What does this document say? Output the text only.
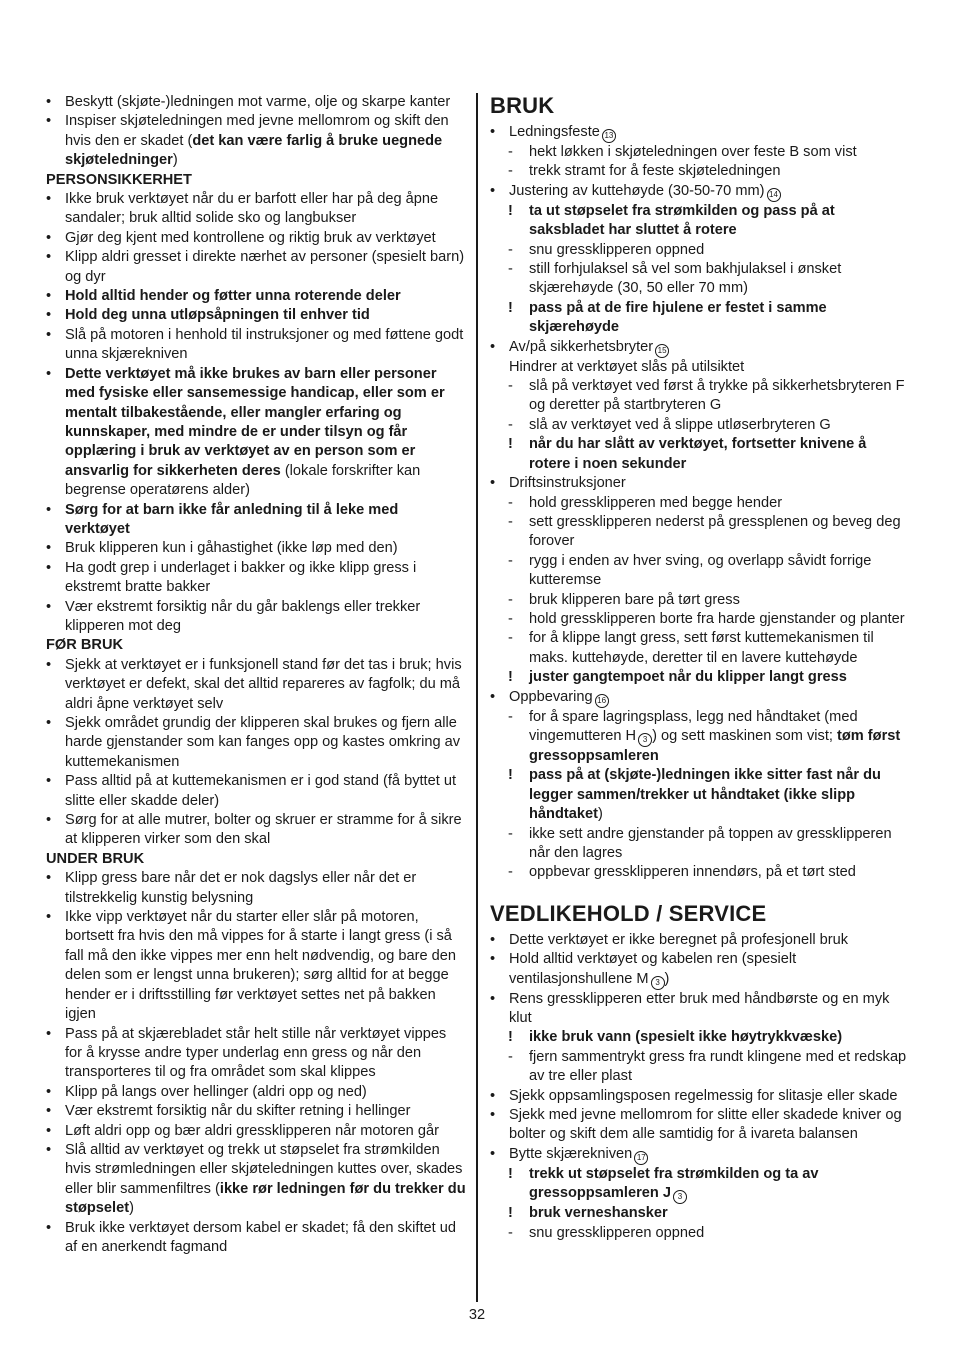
• Beskytt (skjøte-)ledningen mot varme, olje og skarpe kanter
• Inspiser skjøteledningen med jevne mellomrom og skift den hvis den er skadet (det kan være farlig å bruke uegnede skjøteledninger)
PERSONSIKKERHET
• Ikke bruk verktøyet når du er barfott eller har på deg åpne sandaler; bruk alltid solide sko og langbukser
• Gjør deg kjent med kontrollene og riktig bruk av verktøyet
• Klipp aldri gresset i direkte nærhet av personer (spesielt barn) og dyr
• Hold alltid hender og føtter unna roterende deler
• Hold deg unna utløpsåpningen til enhver tid
• Slå på motoren i henhold til instruksjoner og med føttene godt unna skjærekniven
• Dette verktøyet må ikke brukes av barn eller personer med fysiske eller sansemessige handicap, eller som er mentalt tilbakestående, eller mangler erfaring og kunnskaper, med mindre de er under tilsyn og får opplæring i bruk av verktøyet av en person som er ansvarlig for sikkerheten deres (lokale forskrifter kan begrense operatørens alder)
• Sørg for at barn ikke får anledning til å leke med verktøyet
• Bruk klipperen kun i gåhastighet (ikke løp med den)
• Ha godt grep i underlaget i bakker og ikke klipp gress i ekstremt bratte bakker
• Vær ekstremt forsiktig når du går baklengs eller trekker klipperen mot deg
FØR BRUK
• Sjekk at verktøyet er i funksjonell stand før det tas i bruk; hvis verktøyet er defekt, skal det alltid repareres av fagfolk; du må aldri åpne verktøyet selv
• Sjekk området grundig der klipperen skal brukes og fjern alle harde gjenstander som kan fanges opp og kastes omkring av kuttemekanismen
• Pass alltid på at kuttemekanismen er i god stand (få byttet ut slitte eller skadde deler)
• Sørg for at alle mutrer, bolter og skruer er stramme for å sikre at klipperen virker som den skal
UNDER BRUK
• Klipp gress bare når det er nok dagslys eller når det er tilstrekkelig kunstig belysning
• Ikke vipp verktøyet når du starter eller slår på motoren, bortsett fra hvis den må vippes for å starte i langt gress (i så fall må den ikke vippes mer enn helt nødvendig, og bare den delen som er lengst unna brukeren); sørg alltid for at begge hender er i driftsstilling før verktøyet settes net på bakken igjen
• Pass på at skjærebladet står helt stille når verktøyet vippes for å krysse andre typer underlag enn gress og når den transporteres til og fra området som skal klippes
• Klipp på langs over hellinger (aldri opp og ned)
• Vær ekstremt forsiktig når du skifter retning i hellinger
• Løft aldri opp og bær aldri gressklipperen når motoren går
• Slå alltid av verktøyet og trekk ut støpselet fra strømkilden hvis strømledningen eller skjøteledningen kuttes over, skades eller blir sammenfiltres (ikke rør ledningen før du trekker du støpselet)
• Bruk ikke verktøyet dersom kabel er skadet; få den skiftet ud af en anerkendt fagmand
BRUK
• Ledningsfeste 13
- hekt løkken i skjøteledningen over feste B som vist
- trekk stramt for å feste skjøteledningen
• Justering av kuttehøyde (30-50-70 mm) 14
! ta ut støpselet fra strømkilden og pass på at saksbladet har sluttet å rotere
- snu gressklipperen oppned
- still forhjulaksel så vel som bakhjulaksel i ønsket skjærehøyde (30, 50 eller 70 mm)
! pass på at de fire hjulene er festet i samme skjærehøyde
• Av/på sikkerhetsbryter 15
Hindrer at verktøyet slås på utilsiktet
- slå på verktøyet ved først å trykke på sikkerhetsbryteren F og deretter på startbryteren G
- slå av verktøyet ved å slippe utløserbryteren G
! når du har slått av verktøyet, fortsetter knivene å rotere i noen sekunder
• Driftsinstruksjoner
- hold gressklipperen med begge hender
- sett gressklipperen nederst på gressplenen og beveg deg forover
- rygg i enden av hver sving, og overlapp såvidt forrige kutteremse
- bruk klipperen bare på tørt gress
- hold gressklipperen borte fra harde gjenstander og planter
- for å klippe langt gress, sett først kuttemekanismen til maks. kuttehøyde, deretter til en lavere kuttehøyde
! juster gangtempoet når du klipper langt gress
• Oppbevaring 16
- for å spare lagringsplass, legg ned håndtaket (med vingemutteren H 3 ) og sett maskinen som vist; tøm først gressoppsamleren
! pass på at (skjøte-)ledningen ikke sitter fast når du legger sammen/trekker ut håndtaket (ikke slipp håndtaket)
- ikke sett andre gjenstander på toppen av gressklipperen når den lagres
- oppbevar gressklipperen innendørs, på et tørt sted
VEDLIKEHOLD / SERVICE
• Dette verktøyet er ikke beregnet på profesjonell bruk
• Hold alltid verktøyet og kabelen ren (spesielt ventilasjonshullene M 3 )
• Rens gressklipperen etter bruk med håndbørste og en myk klut
! ikke bruk vann (spesielt ikke høytrykkvæske)
- fjern sammentrykt gress fra rundt klingene med et redskap av tre eller plast
• Sjekk oppsamlingsposen regelmessig for slitasje eller skade
• Sjekk med jevne mellomrom for slitte eller skadede kniver og bolter og skift dem alle samtidig for å ivareta balansen
• Bytte skjærekniven 17
! trekk ut støpselet fra strømkilden og ta av gressoppsamleren J 3
! bruk verneshansker
- snu gressklipperen oppned
32
